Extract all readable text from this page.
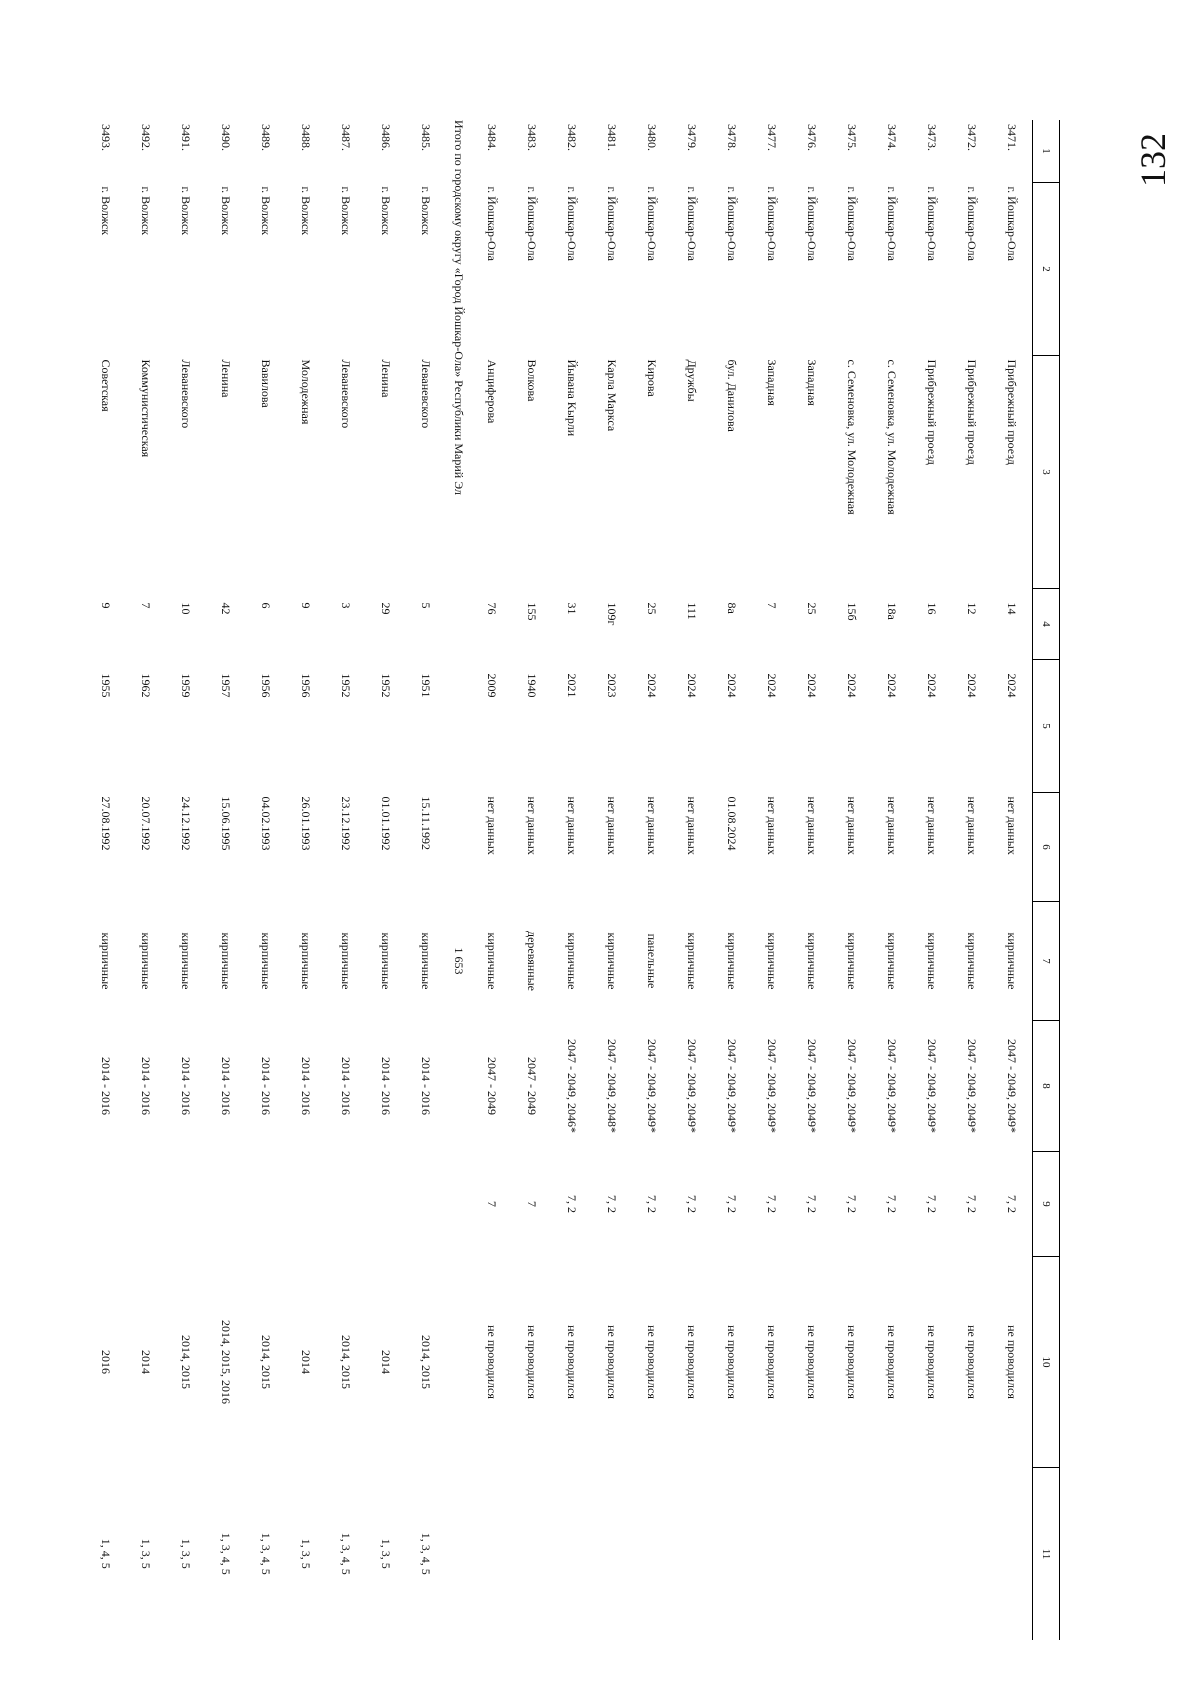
132
1	2	3	4	5	6	7	8	9	10	11
3471.	г. Йошкар-Ола	Прибрежный проезд	14	2024	нет данных	кирпичные	2047 - 2049, 2049*	7, 2	не проводился	
3472.	г. Йошкар-Ола	Прибрежный проезд	12	2024	нет данных	кирпичные	2047 - 2049, 2049*	7, 2	не проводился	
3473.	г. Йошкар-Ола	Прибрежный проезд	16	2024	нет данных	кирпичные	2047 - 2049, 2049*	7, 2	не проводился	
3474.	г. Йошкар-Ола	с. Семеновка, ул. Молодежная	18а	2024	нет данных	кирпичные	2047 - 2049, 2049*	7, 2	не проводился	
3475.	г. Йошкар-Ола	с. Семеновка, ул. Молодежная	15б	2024	нет данных	кирпичные	2047 - 2049, 2049*	7, 2	не проводился	
3476.	г. Йошкар-Ола	Западная	25	2024	нет данных	кирпичные	2047 - 2049, 2049*	7, 2	не проводился	
3477.	г. Йошкар-Ола	Западная	7	2024	нет данных	кирпичные	2047 - 2049, 2049*	7, 2	не проводился	
3478.	г. Йошкар-Ола	бул. Данилова	8а	2024	01.08.2024	кирпичные	2047 - 2049, 2049*	7, 2	не проводился	
3479.	г. Йошкар-Ола	Дружбы	111	2024	нет данных	кирпичные	2047 - 2049, 2049*	7, 2	не проводился	
3480.	г. Йошкар-Ола	Кирова	25	2024	нет данных	панельные	2047 - 2049, 2049*	7, 2	не проводился	
3481.	г. Йошкар-Ола	Карла Маркса	109г	2023	нет данных	кирпичные	2047 - 2049, 2048*	7, 2	не проводился	
3482.	г. Йошкар-Ола	Йывана Кырли	31	2021	нет данных	кирпичные	2047 - 2049, 2046*	7, 2	не проводился	
3483.	г. Йошкар-Ола	Волкова	155	1940	нет данных	деревянные	2047 - 2049	7	не проводился	
3484.	г. Йошкар-Ола	Анциферова	76	2009	нет данных	кирпичные	2047 - 2049	7	не проводился	
Итого по городскому округу «Город Йошкар-Ола» Республики Марий Эл						1 653				
3485.	г. Волжск	Леваневского	5	1951	15.11.1992	кирпичные	2014 - 2016		2014, 2015	1, 3, 4, 5
3486.	г. Волжск	Ленина	29	1952	01.01.1992	кирпичные	2014 - 2016		2014	1, 3, 5
3487.	г. Волжск	Леваневского	3	1952	23.12.1992	кирпичные	2014 - 2016		2014, 2015	1, 3, 4, 5
3488.	г. Волжск	Молодежная	9	1956	26.01.1993	кирпичные	2014 - 2016		2014	1, 3, 5
3489.	г. Волжск	Вавилова	6	1956	04.02.1993	кирпичные	2014 - 2016		2014, 2015	1, 3, 4, 5
3490.	г. Волжск	Ленина	42	1957	15.06.1995	кирпичные	2014 - 2016		2014, 2015, 2016	1, 3, 4, 5
3491.	г. Волжск	Леваневского	10	1959	24.12.1992	кирпичные	2014 - 2016		2014, 2015	1, 3, 5
3492.	г. Волжск	Коммунистическая	7	1962	20.07.1992	кирпичные	2014 - 2016		2014	1, 3, 5
3493.	г. Волжск	Советская	9	1955	27.08.1992	кирпичные	2014 - 2016		2016	1, 4, 5
